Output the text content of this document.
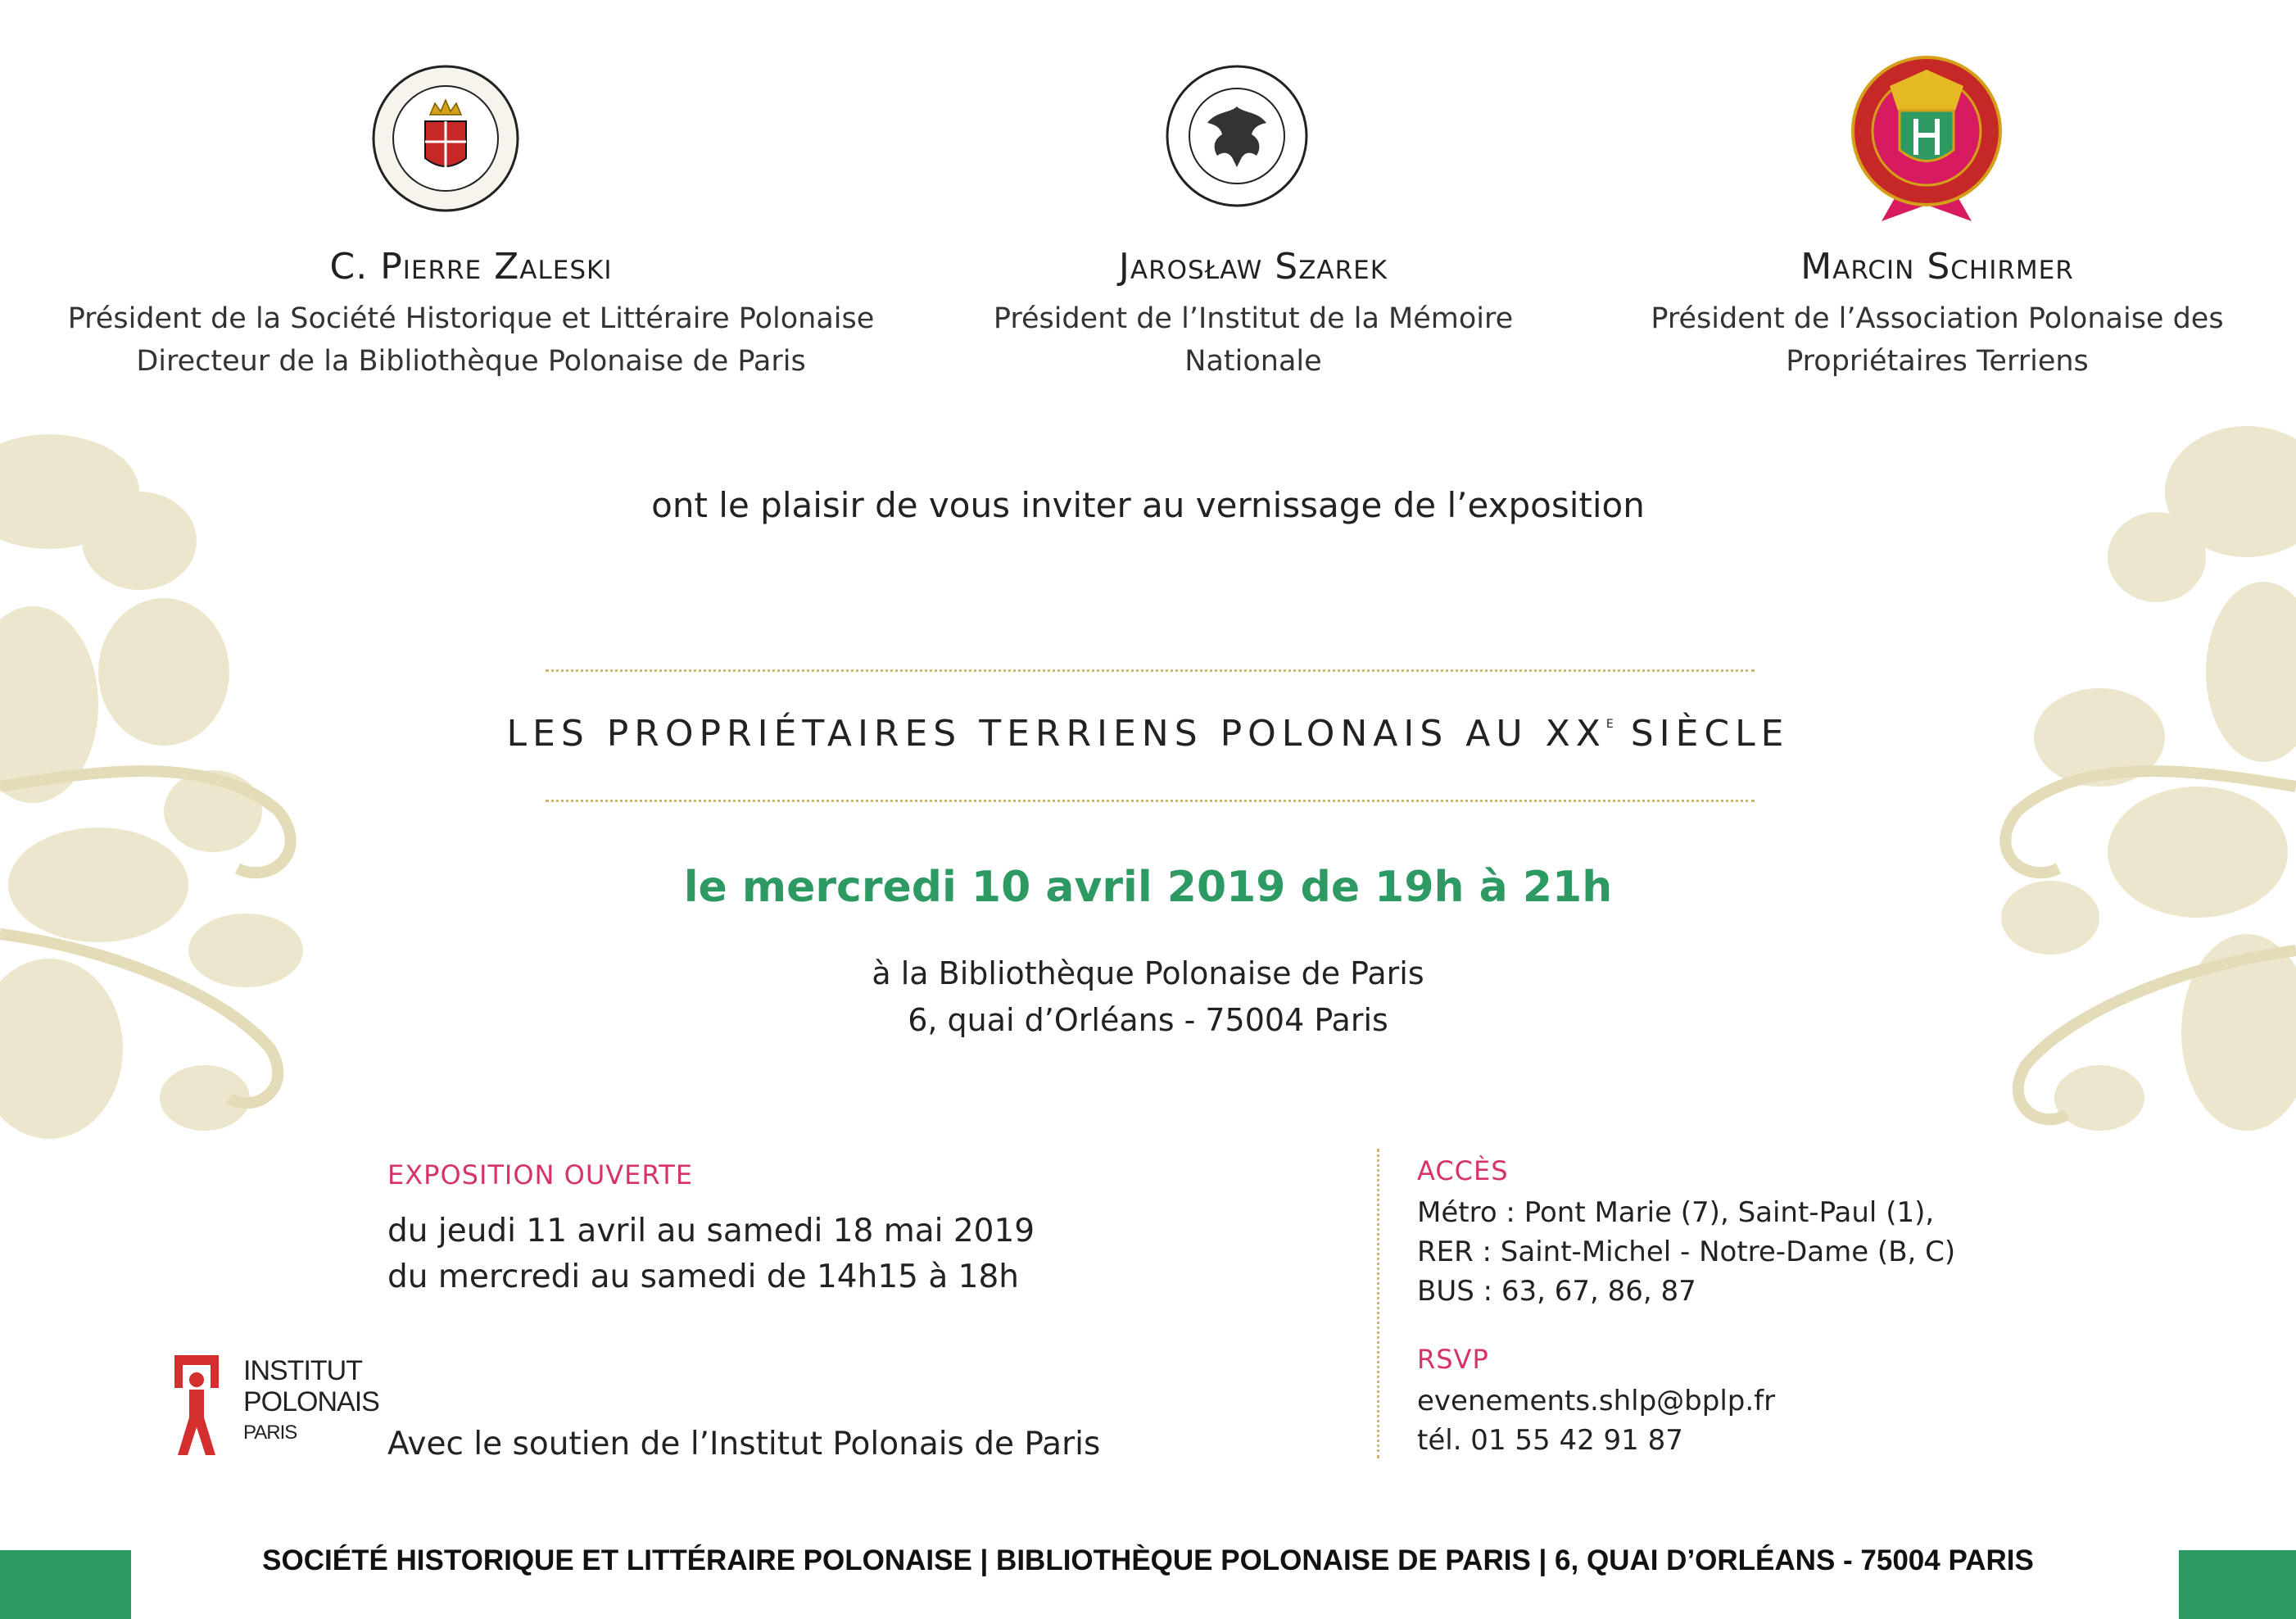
C. Pierre Zaleski
Président de la Société Historique et Littéraire Polonaise
Directeur de la Bibliothèque Polonaise de Paris
Jarosław Szarek
Président de l’Institut de la Mémoire
Nationale
Marcin Schirmer
Président de l’Association Polonaise des
Propriétaires Terriens
ont le plaisir de vous inviter au vernissage de l’exposition
LES PROPRIÉTAIRES TERRIENS POLONAIS AU $XX^E$ SIÈCLE
le mercredi 10 avril 2019 de 19h à 21h
à la Bibliothèque Polonaise de Paris
6, quai d’Orléans - 75004 Paris
EXPOSITION OUVERTE
du jeudi 11 avril au samedi 18 mai 2019
du mercredi au samedi de 14h15 à 18h
INSTITUT
POLONAIS
PARIS	Avec le soutien de l’Institut Polonais de Paris
ACCÈS
Métro : Pont Marie (7), Saint-Paul (1),
RER : Saint-Michel - Notre-Dame (B, C)
BUS : 63, 67, 86, 87
RSVP
evenements.shlp@bplp.fr
tél. 01 55 42 91 87
SOCIÉTÉ HISTORIQUE ET LITTÉRAIRE POLONAISE | BIBLIOTHÈQUE POLONAISE DE PARIS | 6, QUAI D’ORLÉANS - 75004 PARIS
